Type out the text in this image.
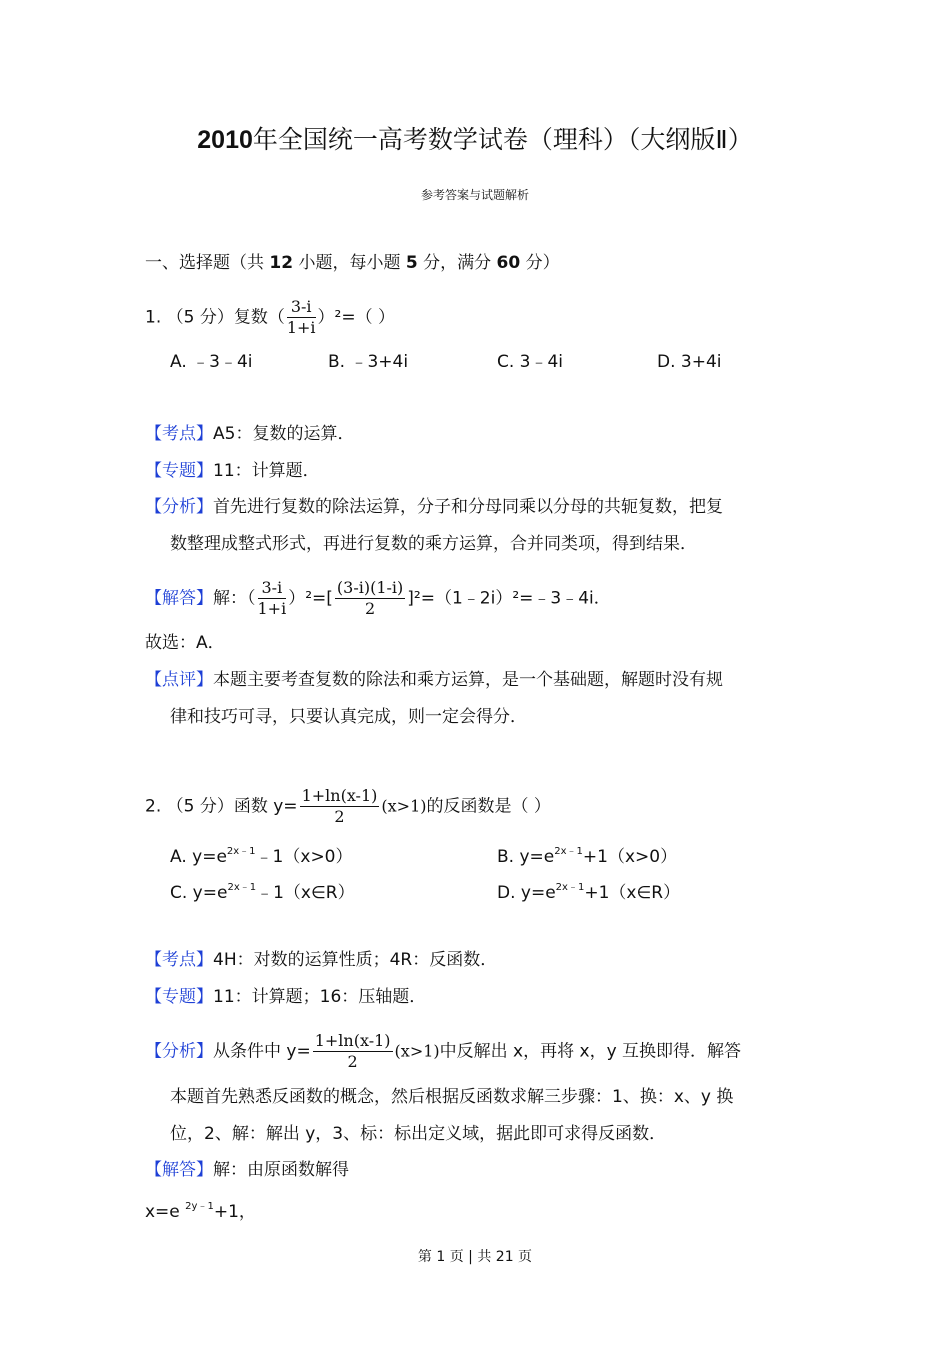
2010年全国统一高考数学试卷（理科）（大纲版Ⅱ）
参考答案与试题解析
一、选择题（共 12 小题，每小题 5 分，满分 60 分）
1. （5 分）复数（ $\frac{3-i}{1+i} )^2=$（ ）
A. ﹣3﹣4i	B. ﹣3+4i	C. 3﹣4i	D. 3+4i
【考点】A5：复数的运算．
【专题】11：计算题．
【分析】首先进行复数的除法运算，分子和分母同乘以分母的共轭复数，把复
数整理成整式形式，再进行复数的乘方运算，合并同类项，得到结果．
【解答】解：（ $\frac{3-i}{1+i} )^2=[ \frac{(3-i)(1-i)}{2}$ ]²=（1﹣2i）²=﹣3﹣4i．
故选：A．
【点评】本题主要考查复数的除法和乘方运算，是一个基础题，解题时没有规
律和技巧可寻，只要认真完成，则一定会得分．
2. （5 分）函数 $y= \frac{1+\ln(x-1)}{2} (x>1)$的反函数是（ ）
A. $y=e^{2x﹣1}﹣1(x>0)$	B. $y=e^{2x﹣1}+1(x>0)$
C. $y=e^{2x﹣1}﹣1(x\in R)$	D. $y=e^{2x﹣1}+1(x\in R)$
【考点】4H：对数的运算性质；4R：反函数．
【专题】11：计算题；16：压轴题．
【分析】从条件中 $y= \frac{1+\ln(x-1)}{2} (x>1)$中反解出 x，再将 x，y 互换即得．解答
本题首先熟悉反函数的概念，然后根据反函数求解三步骤：1、换：x、y 换
位，2、解：解出 y，3、标：标出定义域，据此即可求得反函数．
【解答】解：由原函数解得
x=e $^{2y﹣1}$+1，
第 1 页 | 共 21 页
